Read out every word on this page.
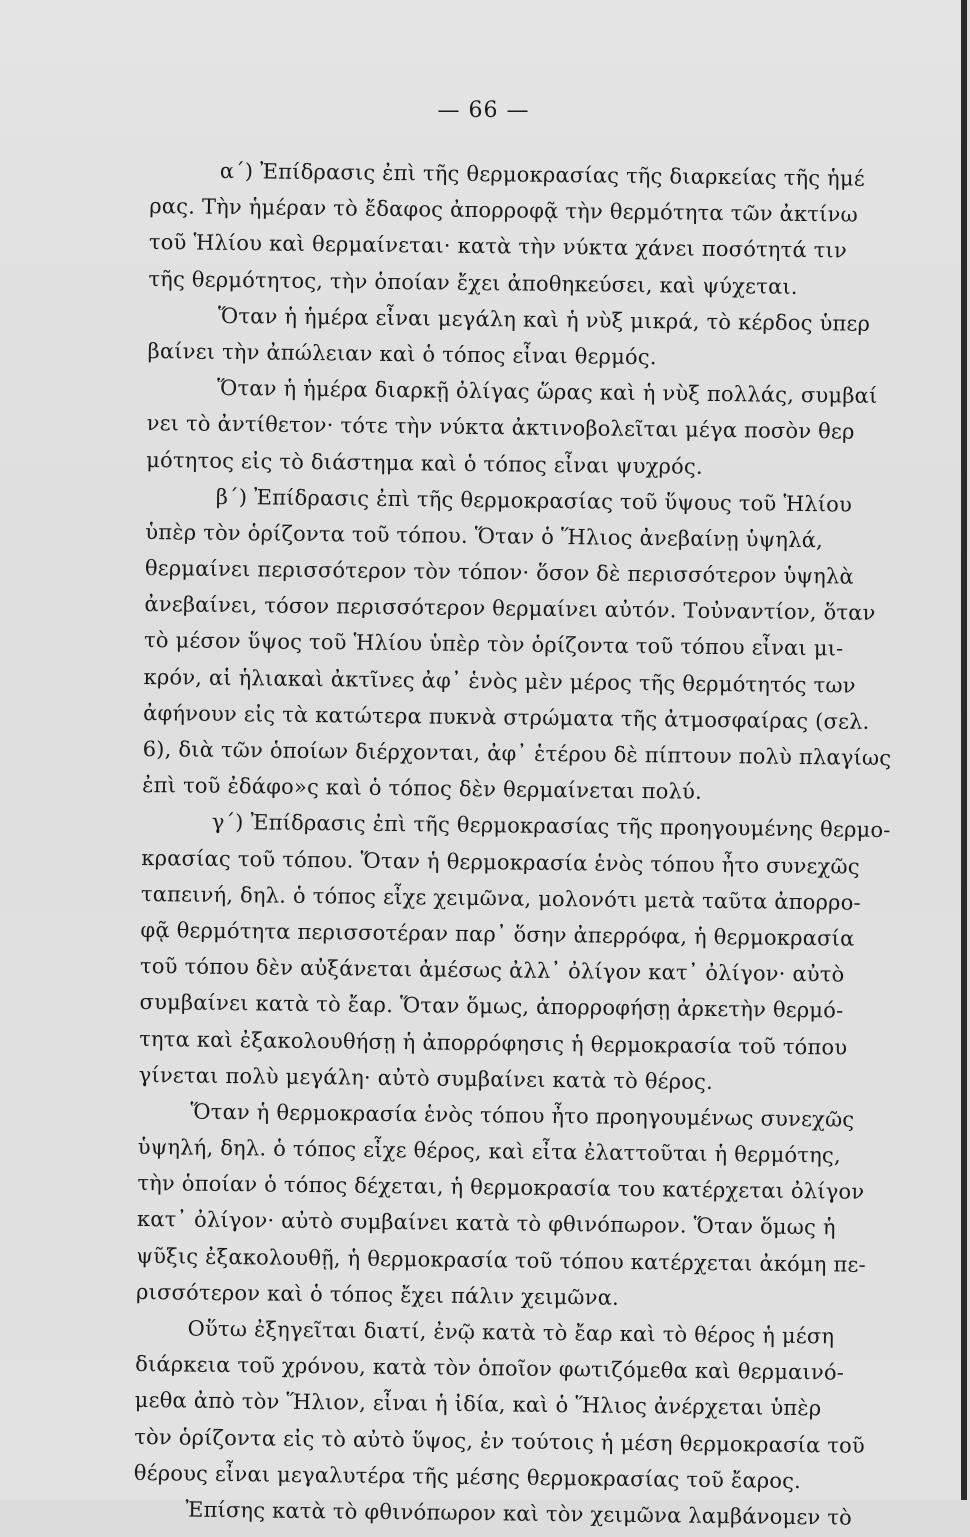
— 66 —
α΄) Ἐπίδρασις ἐπὶ τῆς θερμοκρασίας τῆς διαρκείας τῆς ἡμέ
ρας. Τὴν ἡμέραν τὸ ἔδαφος ἀπορροφᾷ τὴν θερμότητα τῶν ἀκτίνω
τοῦ Ἡλίου καὶ θερμαίνεται· κατὰ τὴν νύκτα χάνει ποσότητά τιν
τῆς θερμότητος, τὴν ὁποίαν ἔχει ἀποθηκεύσει, καὶ ψύχεται.
Ὅταν ἡ ἡμέρα εἶναι μεγάλη καὶ ἡ νὺξ μικρά, τὸ κέρδος ὑπερ
βαίνει τὴν ἀπώλειαν καὶ ὁ τόπος εἶναι θερμός.
Ὅταν ἡ ἡμέρα διαρκῇ ὀλίγας ὥρας καὶ ἡ νὺξ πολλάς, συμβαί
νει τὸ ἀντίθετον· τότε τὴν νύκτα ἀκτινοβολεῖται μέγα ποσὸν θερ
μότητος εἰς τὸ διάστημα καὶ ὁ τόπος εἶναι ψυχρός.
β΄) Ἐπίδρασις ἐπὶ τῆς θερμοκρασίας τοῦ ὕψους τοῦ Ἡλίου
ὑπὲρ τὸν ὁρίζοντα τοῦ τόπου. Ὅταν ὁ Ἥλιος ἀνεβαίνῃ ὑψηλά,
θερμαίνει περισσότερον τὸν τόπον· ὅσον δὲ περισσότερον ὑψηλὰ
ἀνεβαίνει, τόσον περισσότερον θερμαίνει αὐτόν. Τοὐναντίον, ὅταν
τὸ μέσον ὕψος τοῦ Ἡλίου ὑπὲρ τὸν ὁρίζοντα τοῦ τόπου εἶναι μι-
κρόν, αἱ ἡλιακαὶ ἀκτῖνες ἀφ᾽ ἑνὸς μὲν μέρος τῆς θερμότητός των
ἀφήνουν εἰς τὰ κατώτερα πυκνὰ στρώματα τῆς ἀτμοσφαίρας (σελ.
6), διὰ τῶν ὁποίων διέρχονται, ἀφ᾽ ἑτέρου δὲ πίπτουν πολὺ πλαγίως
ἐπὶ τοῦ ἐδάφο»ς καὶ ὁ τόπος δὲν θερμαίνεται πολύ.
γ΄) Ἐπίδρασις ἐπὶ τῆς θερμοκρασίας τῆς προηγουμένης θερμο-
κρασίας τοῦ τόπου. Ὅταν ἡ θερμοκρασία ἑνὸς τόπου ἦτο συνεχῶς
ταπεινή, δηλ. ὁ τόπος εἶχε χειμῶνα, μολονότι μετὰ ταῦτα ἀπορρο-
φᾷ θερμότητα περισσοτέραν παρ᾽ ὅσην ἀπερρόφα, ἡ θερμοκρασία
τοῦ τόπου δὲν αὐξάνεται ἀμέσως ἀλλ᾽ ὀλίγον κατ᾽ ὀλίγον· αὐτὸ
συμβαίνει κατὰ τὸ ἔαρ. Ὅταν ὅμως, ἀπορροφήσῃ ἀρκετὴν θερμό-
τητα καὶ ἐξακολουθήσῃ ἡ ἀπορρόφησις ἡ θερμοκρασία τοῦ τόπου
γίνεται πολὺ μεγάλη· αὐτὸ συμβαίνει κατὰ τὸ θέρος.
Ὅταν ἡ θερμοκρασία ἑνὸς τόπου ἦτο προηγουμένως συνεχῶς
ὑψηλή, δηλ. ὁ τόπος εἶχε θέρος, καὶ εἶτα ἐλαττοῦται ἡ θερμότης,
τὴν ὁποίαν ὁ τόπος δέχεται, ἡ θερμοκρασία του κατέρχεται ὀλίγον
κατ᾽ ὀλίγον· αὐτὸ συμβαίνει κατὰ τὸ φθινόπωρον. Ὅταν ὅμως ἡ
ψῦξις ἐξακολουθῇ, ἡ θερμοκρασία τοῦ τόπου κατέρχεται ἀκόμη πε-
ρισσότερον καὶ ὁ τόπος ἔχει πάλιν χειμῶνα.
Οὕτω ἐξηγεῖται διατί, ἐνῷ κατὰ τὸ ἔαρ καὶ τὸ θέρος ἡ μέση
διάρκεια τοῦ χρόνου, κατὰ τὸν ὁποῖον φωτιζόμεθα καὶ θερμαινό-
μεθα ἀπὸ τὸν Ἥλιον, εἶναι ἡ ἰδία, καὶ ὁ Ἥλιος ἀνέρχεται ὑπὲρ
τὸν ὁρίζοντα εἰς τὸ αὐτὸ ὕψος, ἐν τούτοις ἡ μέση θερμοκρασία τοῦ
θέρους εἶναι μεγαλυτέρα τῆς μέσης θερμοκρασίας τοῦ ἔαρος.
Ἐπίσης κατὰ τὸ φθινόπωρον καὶ τὸν χειμῶνα λαμβάνομεν τὸ
